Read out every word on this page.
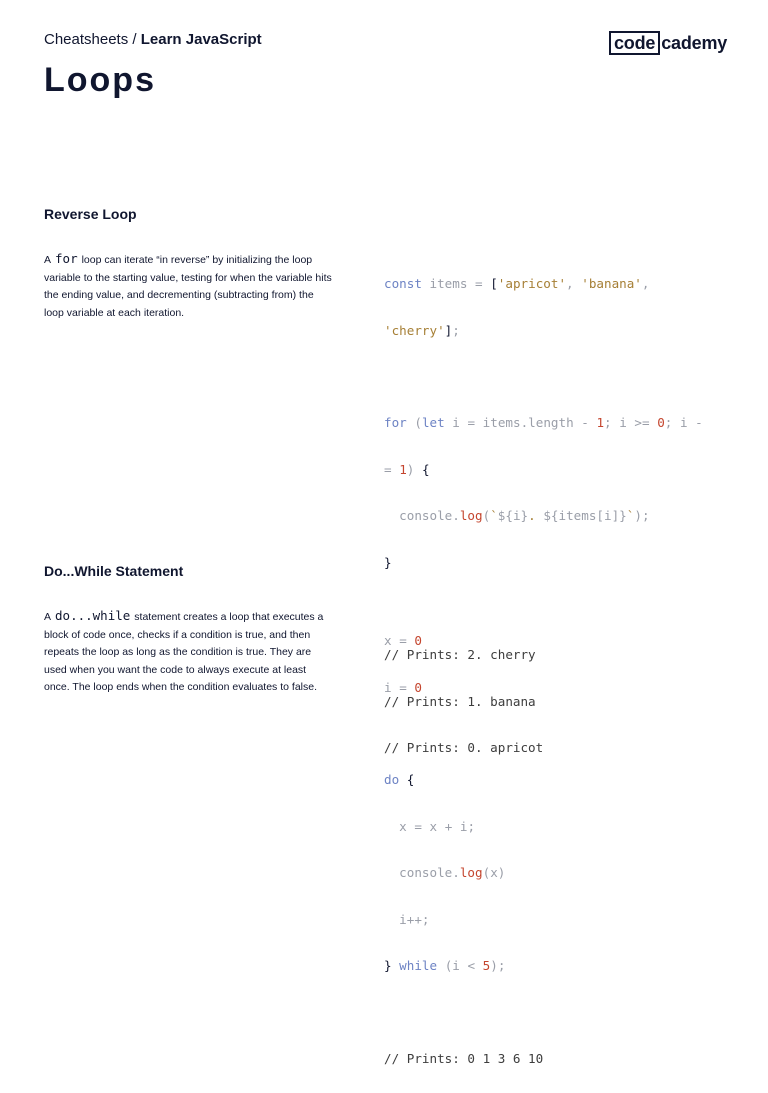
Cheatsheets / Learn JavaScript	code cademy
Loops
Reverse Loop

A for loop can iterate “in reverse” by initializing the loop variable to the starting value, testing for when the variable hits the ending value, and decrementing (subtracting from) the loop variable at each iteration.

const items = ['apricot', 'banana',

'cherry'];

for (let i = items.length - 1; i >= 0; i -

= 1) {

console.log(`${i}. ${items[i]}`);

}

// Prints: 2. cherry

// Prints: 1. banana

// Prints: 0. apricot

Do...While Statement

A do...while statement creates a loop that executes a block of code once, checks if a condition is true, and then repeats the loop as long as the condition is true. They are used when you want the code to always execute at least once. The loop ends when the condition evaluates to false.

x = 0

i = 0

do {

x = x + i;

console.log(x)

i++;

} while (i < 5);

// Prints: 0 1 3 6 10
